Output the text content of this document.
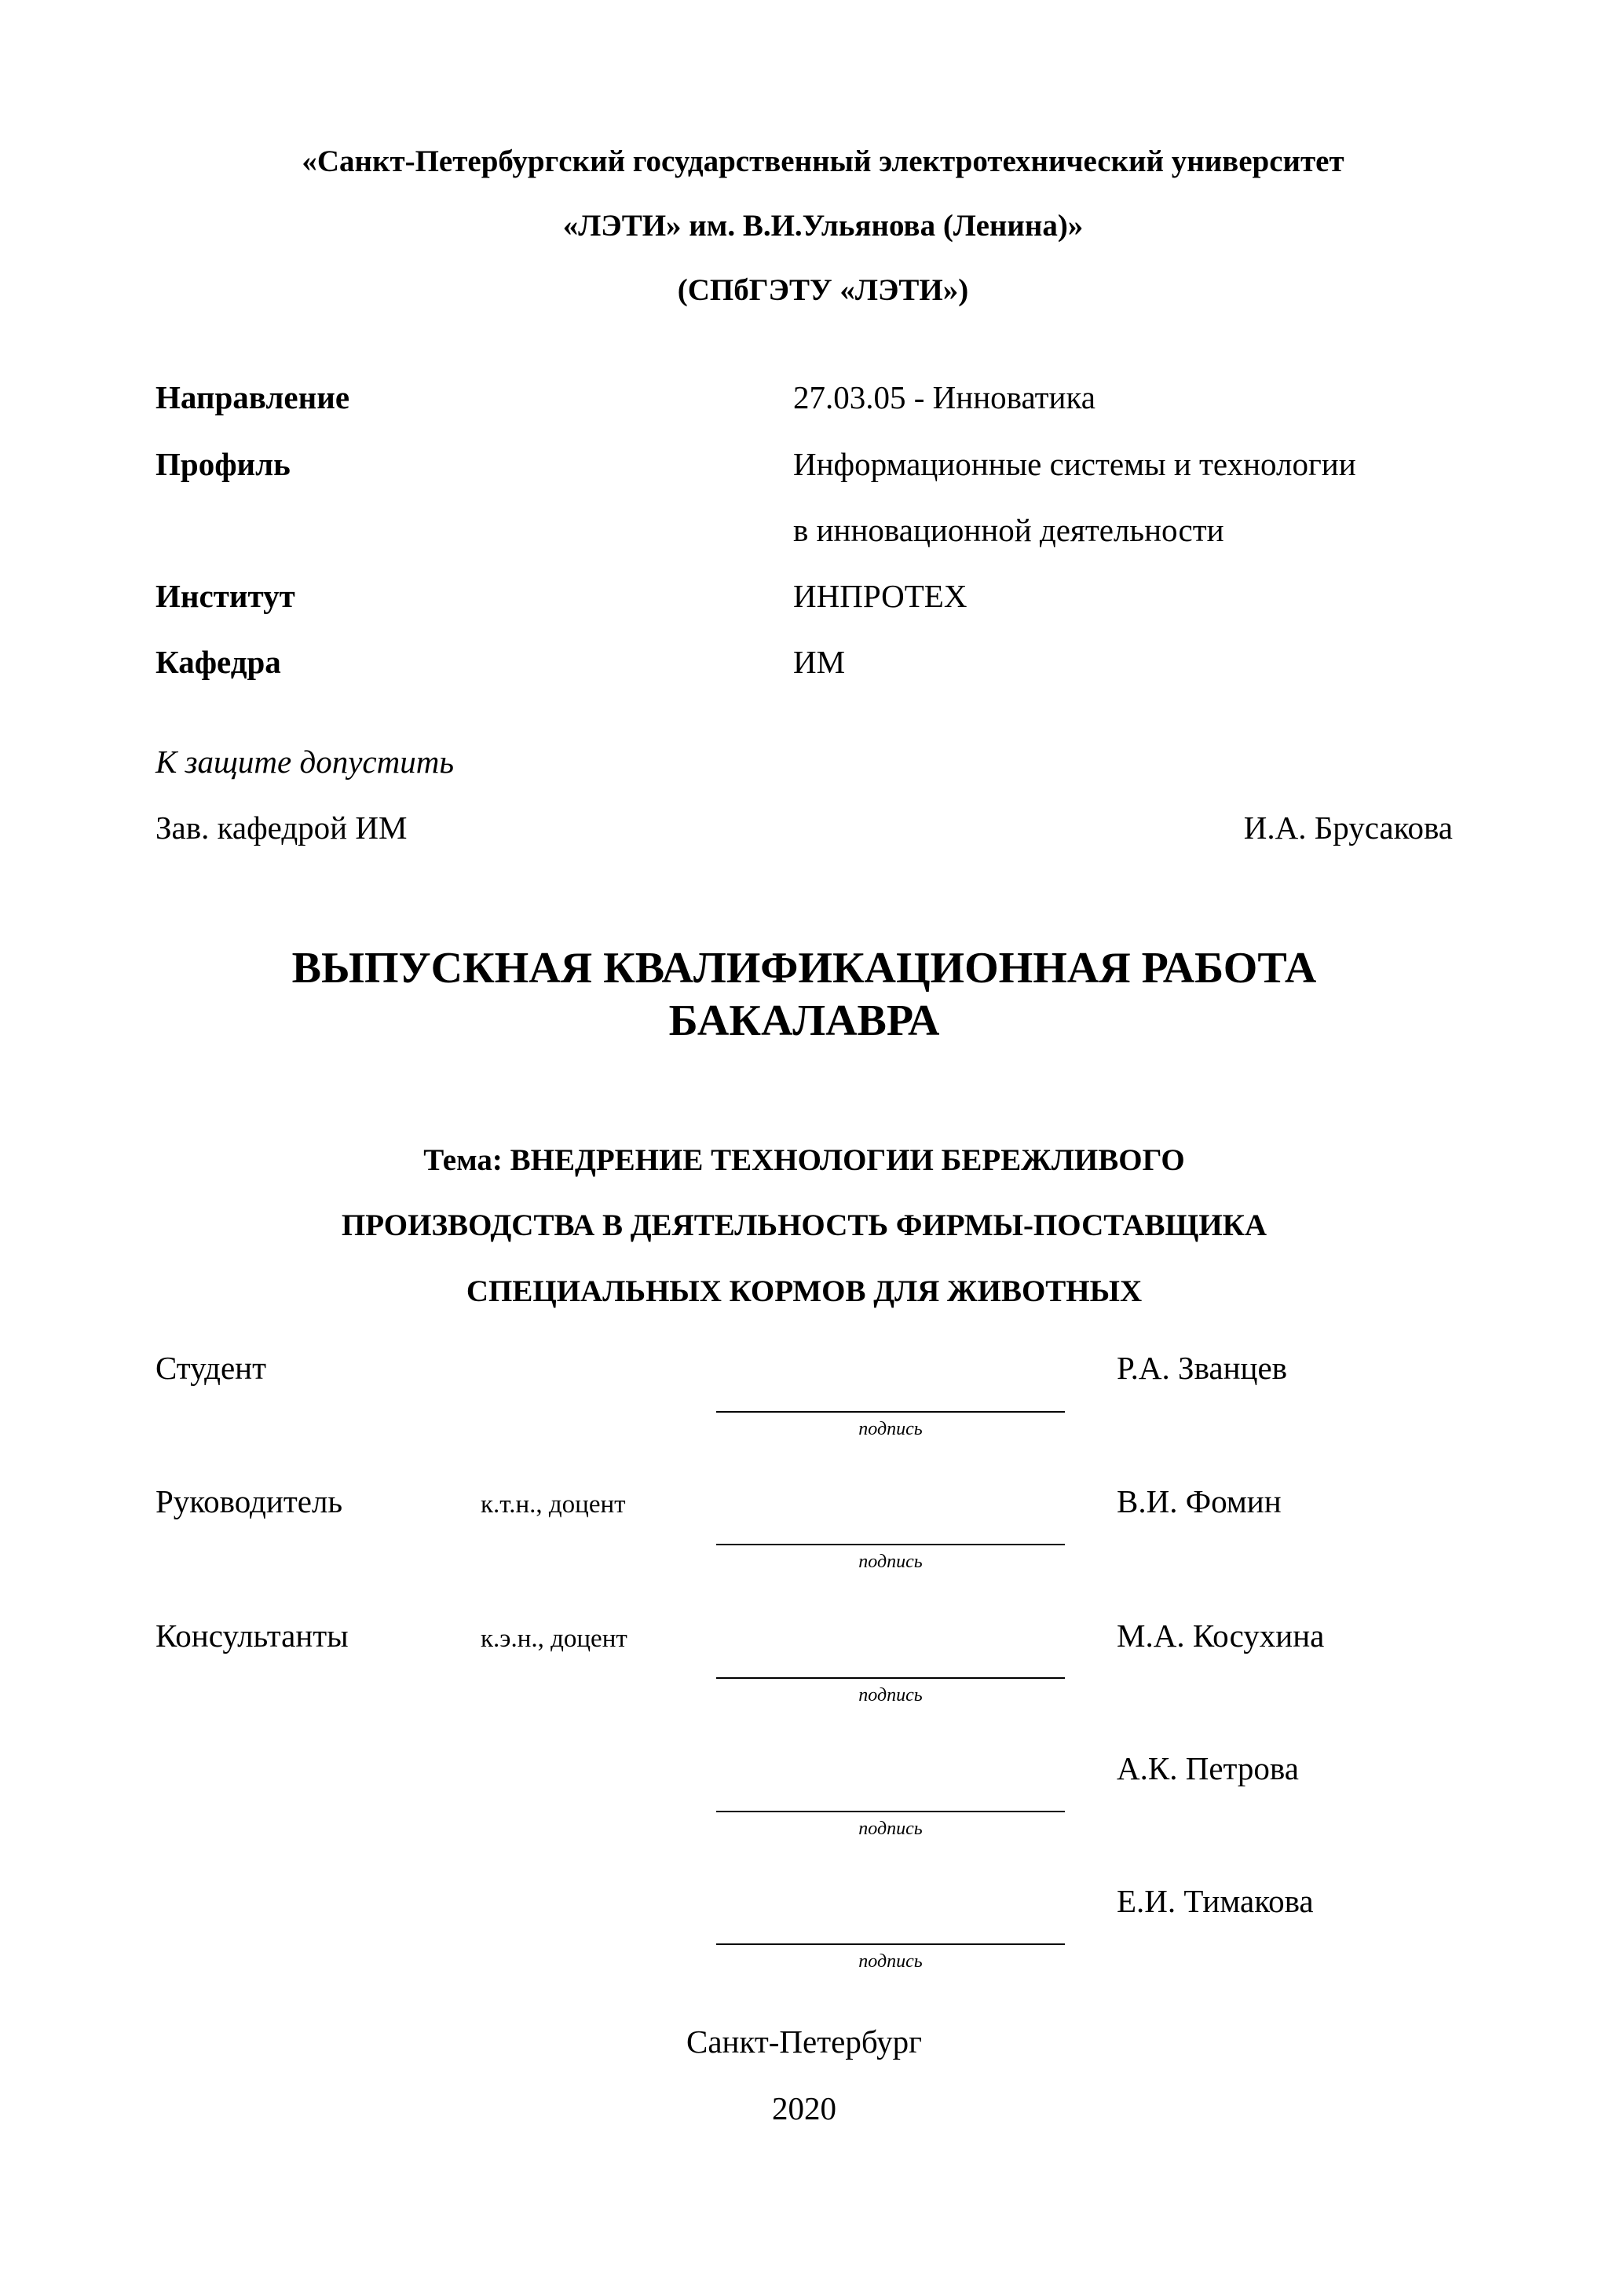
«Санкт-Петербургский государственный электротехнический университет
«ЛЭТИ» им. В.И.Ульянова (Ленина)»
(СПбГЭТУ «ЛЭТИ»)
Направление	27.03.05 - Инноватика
Профиль	Информационные системы и технологии
в инновационной деятельности
Институт	ИНПРОТЕХ
Кафедра	ИМ
К защите допустить
Зав. кафедрой ИМ	И.А. Брусакова
ВЫПУСКНАЯ КВАЛИФИКАЦИОННАЯ РАБОТА
БАКАЛАВРА
Тема: ВНЕДРЕНИЕ ТЕХНОЛОГИИ БЕРЕЖЛИВОГО
ПРОИЗВОДСТВА В ДЕЯТЕЛЬНОСТЬ ФИРМЫ-ПОСТАВЩИКА
СПЕЦИАЛЬНЫХ КОРМОВ ДЛЯ ЖИВОТНЫХ
Студент	Р.А. Званцев
подпись
Руководитель	к.т.н., доцент	В.И. Фомин
подпись
Консультанты	к.э.н., доцент	М.А. Косухина
подпись
А.К. Петрова
подпись
Е.И. Тимакова
подпись
Санкт-Петербург
2020
